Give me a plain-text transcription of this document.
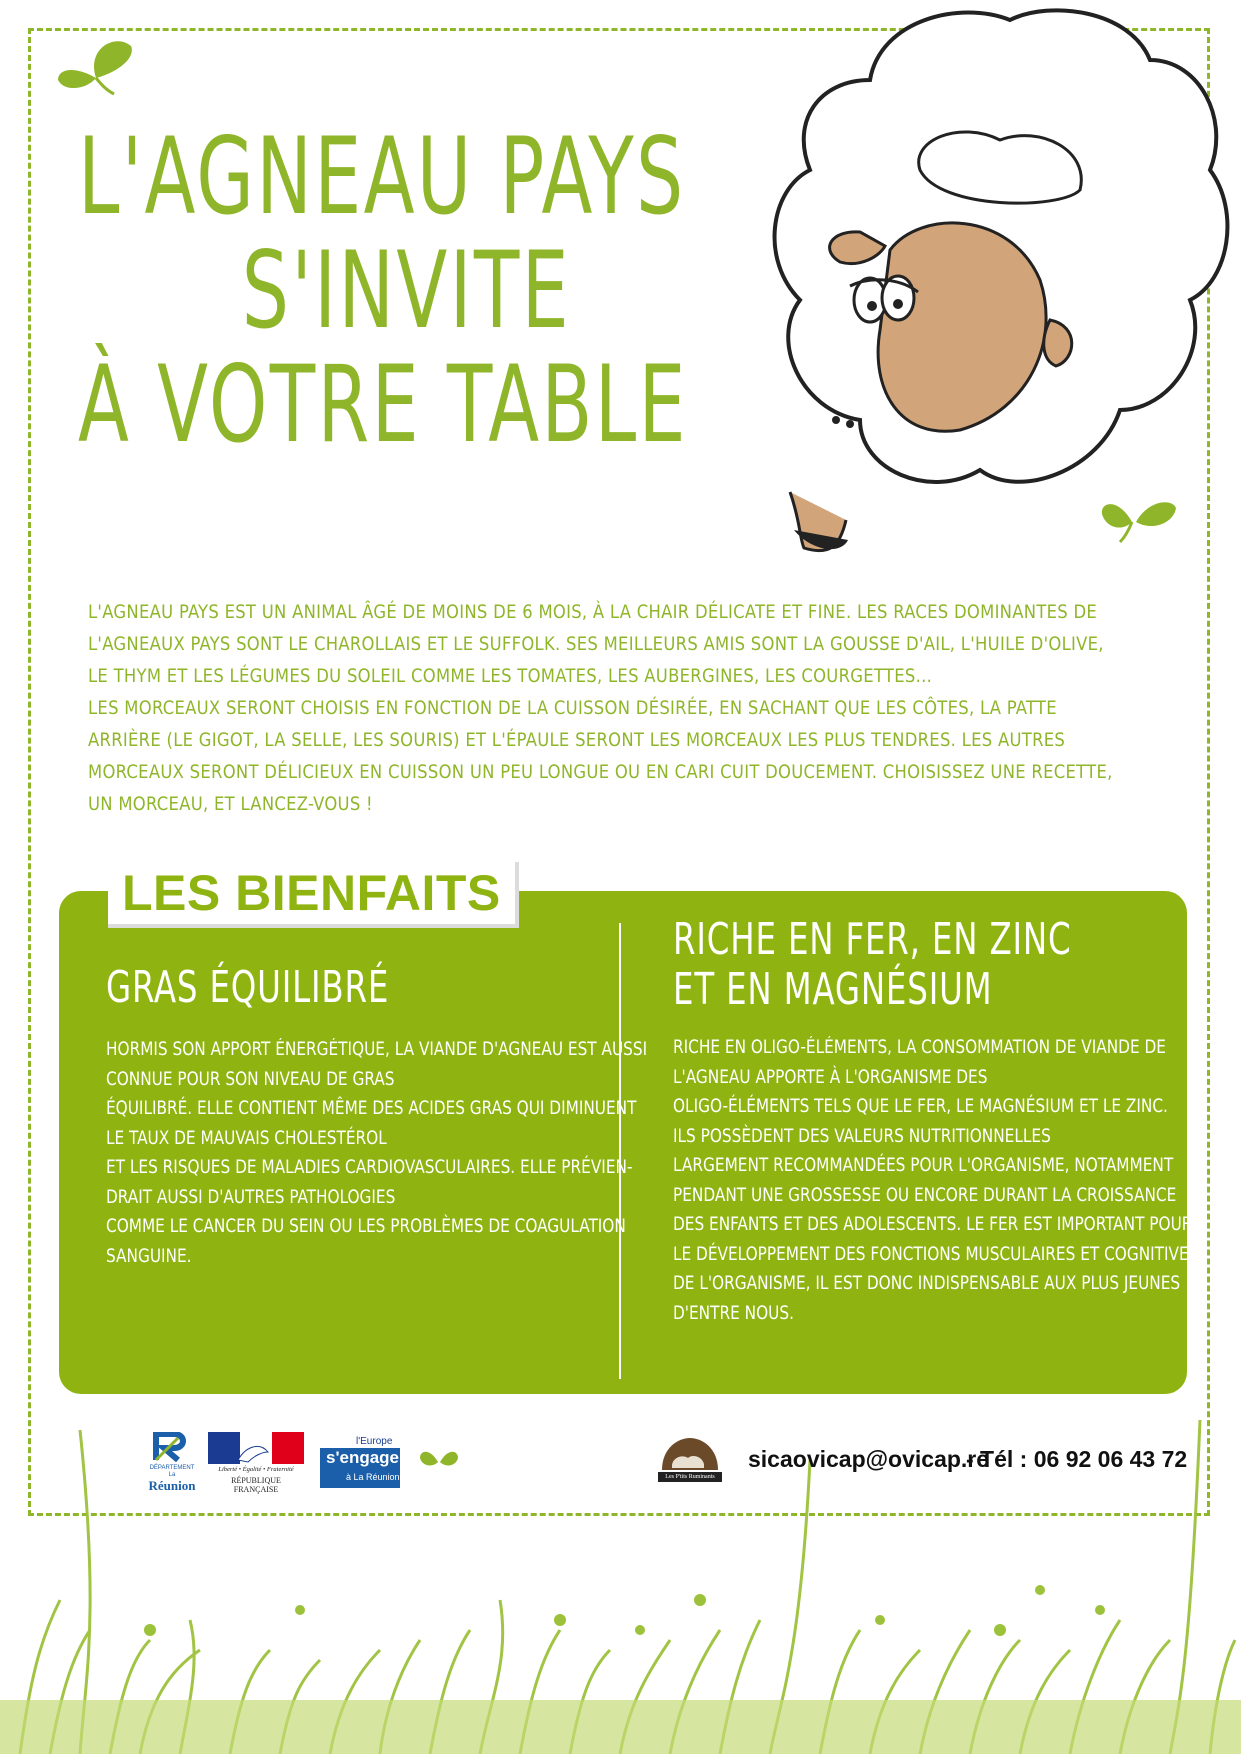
L'AGNEAU PAYS
S'INVITE
À VOTRE TABLE

L'AGNEAU PAYS EST UN ANIMAL ÂGÉ DE MOINS DE 6 MOIS, À LA CHAIR DÉLICATE ET FINE. LES RACES DOMINANTES DE L'AGNEAUX PAYS SONT LE CHAROLLAIS ET LE SUFFOLK. SES MEILLEURS AMIS SONT LA GOUSSE D'AIL, L'HUILE D'OLIVE, LE THYM ET LES LÉGUMES DU SOLEIL COMME LES TOMATES, LES AUBERGINES, LES COURGETTES...

LES MORCEAUX SERONT CHOISIS EN FONCTION DE LA CUISSON DÉSIRÉE, EN SACHANT QUE LES CÔTES, LA PATTE ARRIÈRE (LE GIGOT, LA SELLE, LES SOURIS) ET L'ÉPAULE SERONT LES MORCEAUX LES PLUS TENDRES. LES AUTRES MORCEAUX SERONT DÉLICIEUX EN CUISSON UN PEU LONGUE OU EN CARI CUIT DOUCEMENT. CHOISISSEZ UNE RECETTE, UN MORCEAU, ET LANCEZ-VOUS !

LES BIENFAITS
GRAS ÉQUILIBRÉ

HORMIS SON APPORT ÉNERGÉTIQUE, LA VIANDE D'AGNEAU EST AUSSI
CONNUE POUR SON NIVEAU DE GRAS
ÉQUILIBRÉ. ELLE CONTIENT MÊME DES ACIDES GRAS QUI DIMINUENT
LE TAUX DE MAUVAIS CHOLESTÉROL
ET LES RISQUES DE MALADIES CARDIOVASCULAIRES. ELLE PRÉVIEN-
DRAIT AUSSI D'AUTRES PATHOLOGIES
COMME LE CANCER DU SEIN OU LES PROBLÈMES DE COAGULATION
SANGUINE.

RICHE EN FER, EN ZINC
ET EN MAGNÉSIUM

RICHE EN OLIGO-ÉLÉMENTS, LA CONSOMMATION DE VIANDE DE
L'AGNEAU APPORTE À L'ORGANISME DES
OLIGO-ÉLÉMENTS TELS QUE LE FER, LE MAGNÉSIUM ET LE ZINC.
ILS POSSÈDENT DES VALEURS NUTRITIONNELLES
LARGEMENT RECOMMANDÉES POUR L'ORGANISME, NOTAMMENT
PENDANT UNE GROSSESSE OU ENCORE DURANT LA CROISSANCE
DES ENFANTS ET DES ADOLESCENTS. LE FER EST IMPORTANT POUR
LE DÉVELOPPEMENT DES FONCTIONS MUSCULAIRES ET COGNITIVES
DE L'ORGANISME, IL EST DONC INDISPENSABLE AUX PLUS JEUNES
D'ENTRE NOUS.

DÉPARTEMENT
La
Réunion
Liberté • Égalité • Fraternité
RÉPUBLIQUE FRANÇAISE
l'Europe
s'engage
à La Réunion	Les P'tits Ruminants
sicaovicap@ovicap.re
- Tél : 06 92 06 43 72
